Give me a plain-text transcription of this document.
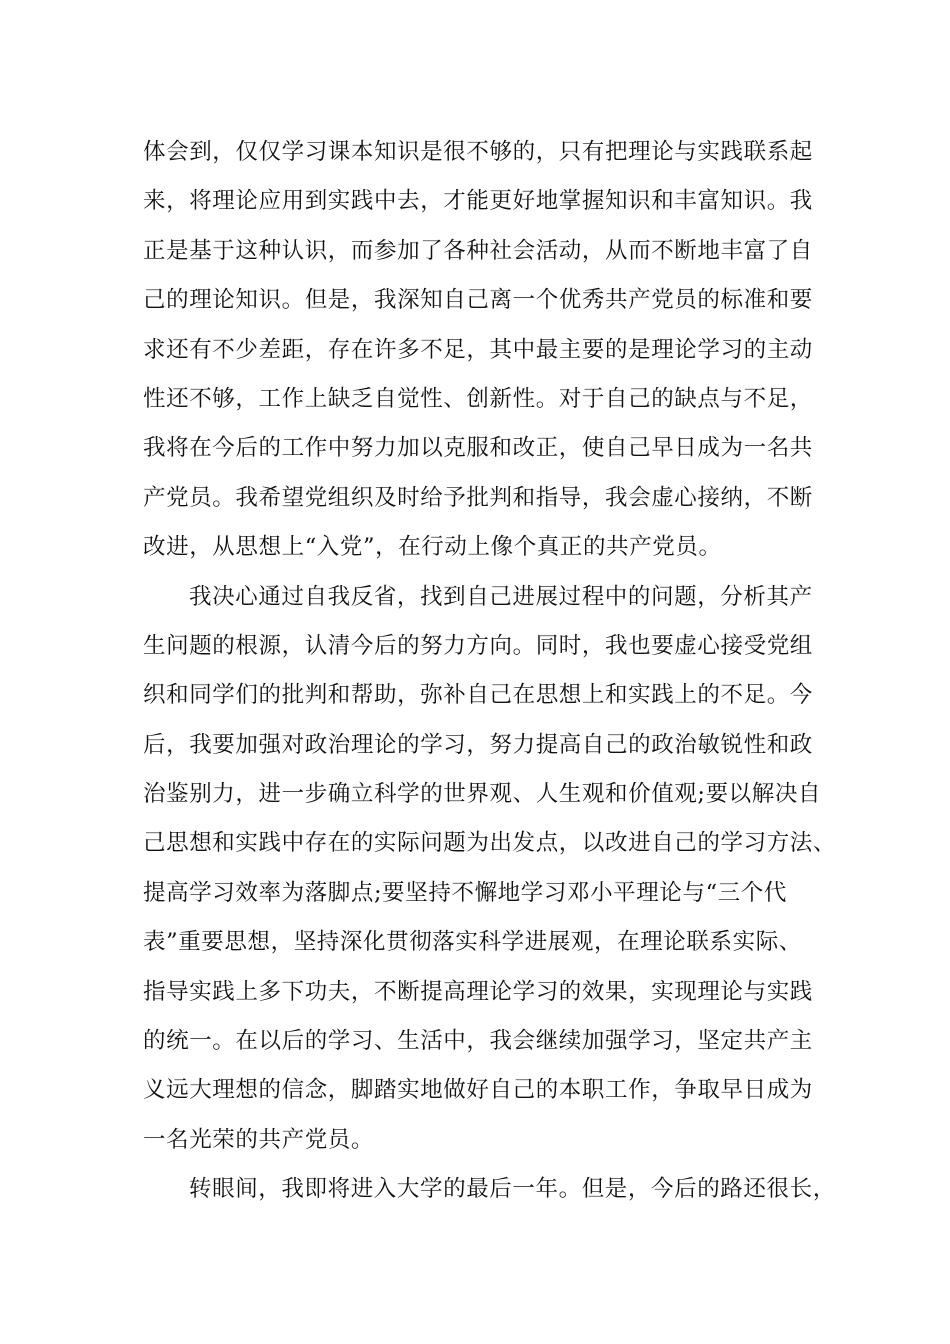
体会到，仅仅学习课本知识是很不够的，只有把理论与实践联系起
来，将理论应用到实践中去，才能更好地掌握知识和丰富知识。我
正是基于这种认识，而参加了各种社会活动，从而不断地丰富了自
己的理论知识。但是，我深知自己离一个优秀共产党员的标准和要
求还有不少差距，存在许多不足，其中最主要的是理论学习的主动
性还不够，工作上缺乏自觉性、创新性。对于自己的缺点与不足，
我将在今后的工作中努力加以克服和改正，使自己早日成为一名共
产党员。我希望党组织及时给予批判和指导，我会虚心接纳，不断
改进，从思想上“入党”，在行动上像个真正的共产党员。
我决心通过自我反省，找到自己进展过程中的问题，分析其产
生问题的根源，认清今后的努力方向。同时，我也要虚心接受党组
织和同学们的批判和帮助，弥补自己在思想上和实践上的不足。今
后，我要加强对政治理论的学习，努力提高自己的政治敏锐性和政
治鉴别力，进一步确立科学的世界观、人生观和价值观;要以解决自
己思想和实践中存在的实际问题为出发点，以改进自己的学习方法、
提高学习效率为落脚点;要坚持不懈地学习邓小平理论与“三个代
表”重要思想，坚持深化贯彻落实科学进展观，在理论联系实际、
指导实践上多下功夫，不断提高理论学习的效果，实现理论与实践
的统一。在以后的学习、生活中，我会继续加强学习，坚定共产主
义远大理想的信念，脚踏实地做好自己的本职工作，争取早日成为
一名光荣的共产党员。
转眼间，我即将进入大学的最后一年。但是，今后的路还很长，
